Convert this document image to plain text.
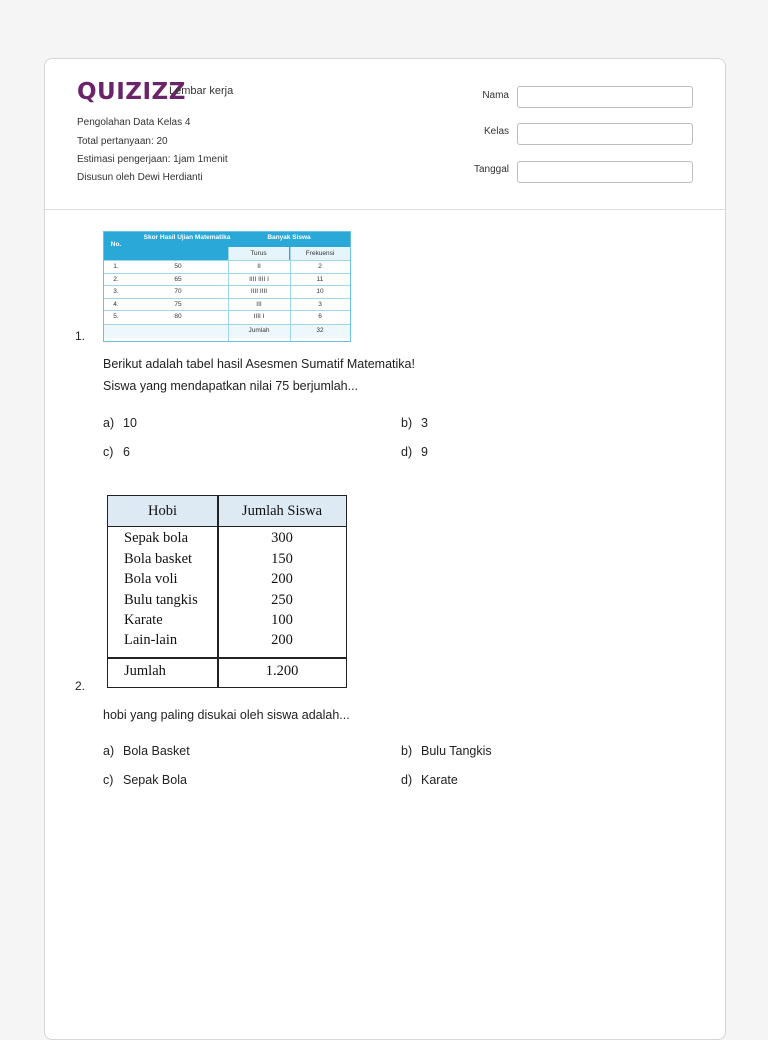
QUIZIZZ
Lembar kerja
Pengolahan Data Kelas 4
Total pertanyaan: 20
Estimasi pengerjaan: 1jam 1menit
Disusun oleh Dewi Herdianti
Nama
Kelas
Tanggal
No.
Skor Hasil Ujian Matematika	Banyak Siswa
Turus	Frekuensi
1.	50	II	2
2.	65	IIII IIII I	11
3.	70	IIII IIII	10
4.	75	III	3
5.	80	IIII I	6
Jumlah	32
1.
Berikut adalah tabel hasil Asesmen Sumatif Matematika!
Siswa yang mendapatkan nilai 75 berjumlah...
a) 10	b) 3
c) 6	d) 9
Hobi	Jumlah Siswa
Sepak bola	300
Bola basket	150
Bola voli	200
Bulu tangkis	250
Karate	100
Lain-lain	200
Jumlah	1.200
2.
hobi yang paling disukai oleh siswa adalah...
a) Bola Basket	b) Bulu Tangkis
c) Sepak Bola	d) Karate
